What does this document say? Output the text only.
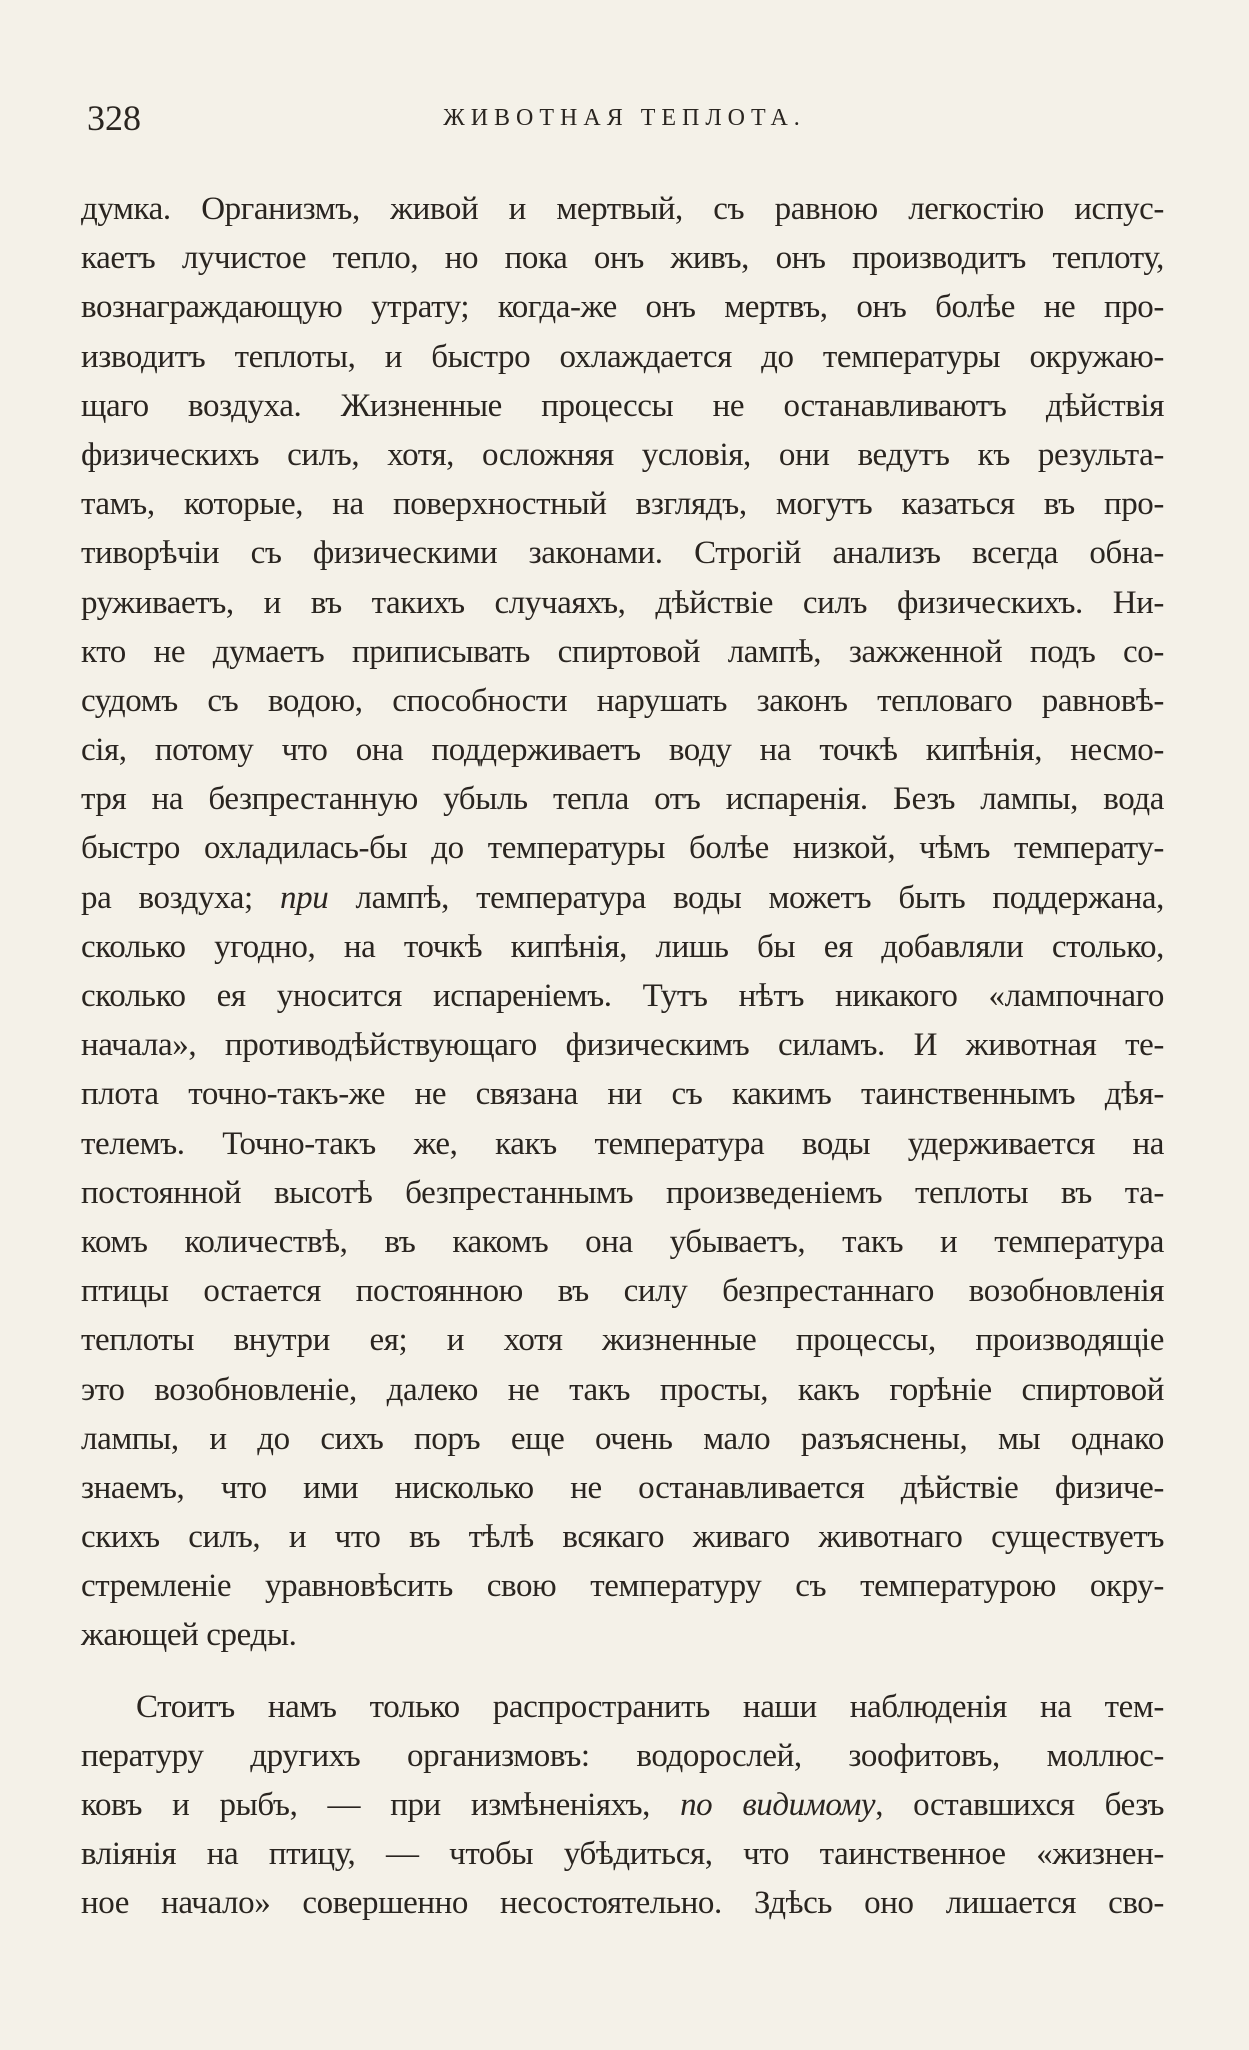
328	ЖИВОТНАЯ ТЕПЛОТА.
думка. Организмъ, живой и мертвый, съ равною легкостію испус-
каетъ лучистое тепло, но пока онъ живъ, онъ производитъ теплоту,
вознаграждающую утрату; когда-же онъ мертвъ, онъ болѣе не про-
изводитъ теплоты, и быстро охлаждается до температуры окружаю-
щаго воздуха. Жизненные процессы не останавливаютъ дѣйствія
физическихъ силъ, хотя, осложняя условія, они ведутъ къ результа-
тамъ, которые, на поверхностный взглядъ, могутъ казаться въ про-
тиворѣчіи съ физическими законами. Строгій анализъ всегда обна-
руживаетъ, и въ такихъ случаяхъ, дѣйствіе силъ физическихъ. Ни-
кто не думаетъ приписывать спиртовой лампѣ, зажженной подъ со-
судомъ съ водою, способности нарушать законъ тепловаго равновѣ-
сія, потому что она поддерживаетъ воду на точкѣ кипѣнія, несмо-
тря на безпрестанную убыль тепла отъ испаренія. Безъ лампы, вода
быстро охладилась-бы до температуры болѣе низкой, чѣмъ температу-
ра воздуха; при лампѣ, температура воды можетъ быть поддержана,
сколько угодно, на точкѣ кипѣнія, лишь бы ея добавляли столько,
сколько ея уносится испареніемъ. Тутъ нѣтъ никакого «лампочнаго
начала», противодѣйствующаго физическимъ силамъ. И животная те-
плота точно-такъ-же не связана ни съ какимъ таинственнымъ дѣя-
телемъ. Точно-такъ же, какъ температура воды удерживается на
постоянной высотѣ безпрестаннымъ произведеніемъ теплоты въ та-
комъ количествѣ, въ какомъ она убываетъ, такъ и температура
птицы остается постоянною въ силу безпрестаннаго возобновленія
теплоты внутри ея; и хотя жизненные процессы, производящіе
это возобновленіе, далеко не такъ просты, какъ горѣніе спиртовой
лампы, и до сихъ поръ еще очень мало разъяснены, мы однако
знаемъ, что ими нисколько не останавливается дѣйствіе физиче-
скихъ силъ, и что въ тѣлѣ всякаго живаго животнаго существуетъ
стремленіе уравновѣсить свою температуру съ температурою окру-
жающей среды.
Стоитъ намъ только распространить наши наблюденія на тем-
пературу другихъ организмовъ: водорослей, зоофитовъ, моллюс-
ковъ и рыбъ, — при измѣненіяхъ, по видимому, оставшихся безъ
вліянія на птицу, — чтобы убѣдиться, что таинственное «жизнен-
ное начало» совершенно несостоятельно. Здѣсь оно лишается сво-
